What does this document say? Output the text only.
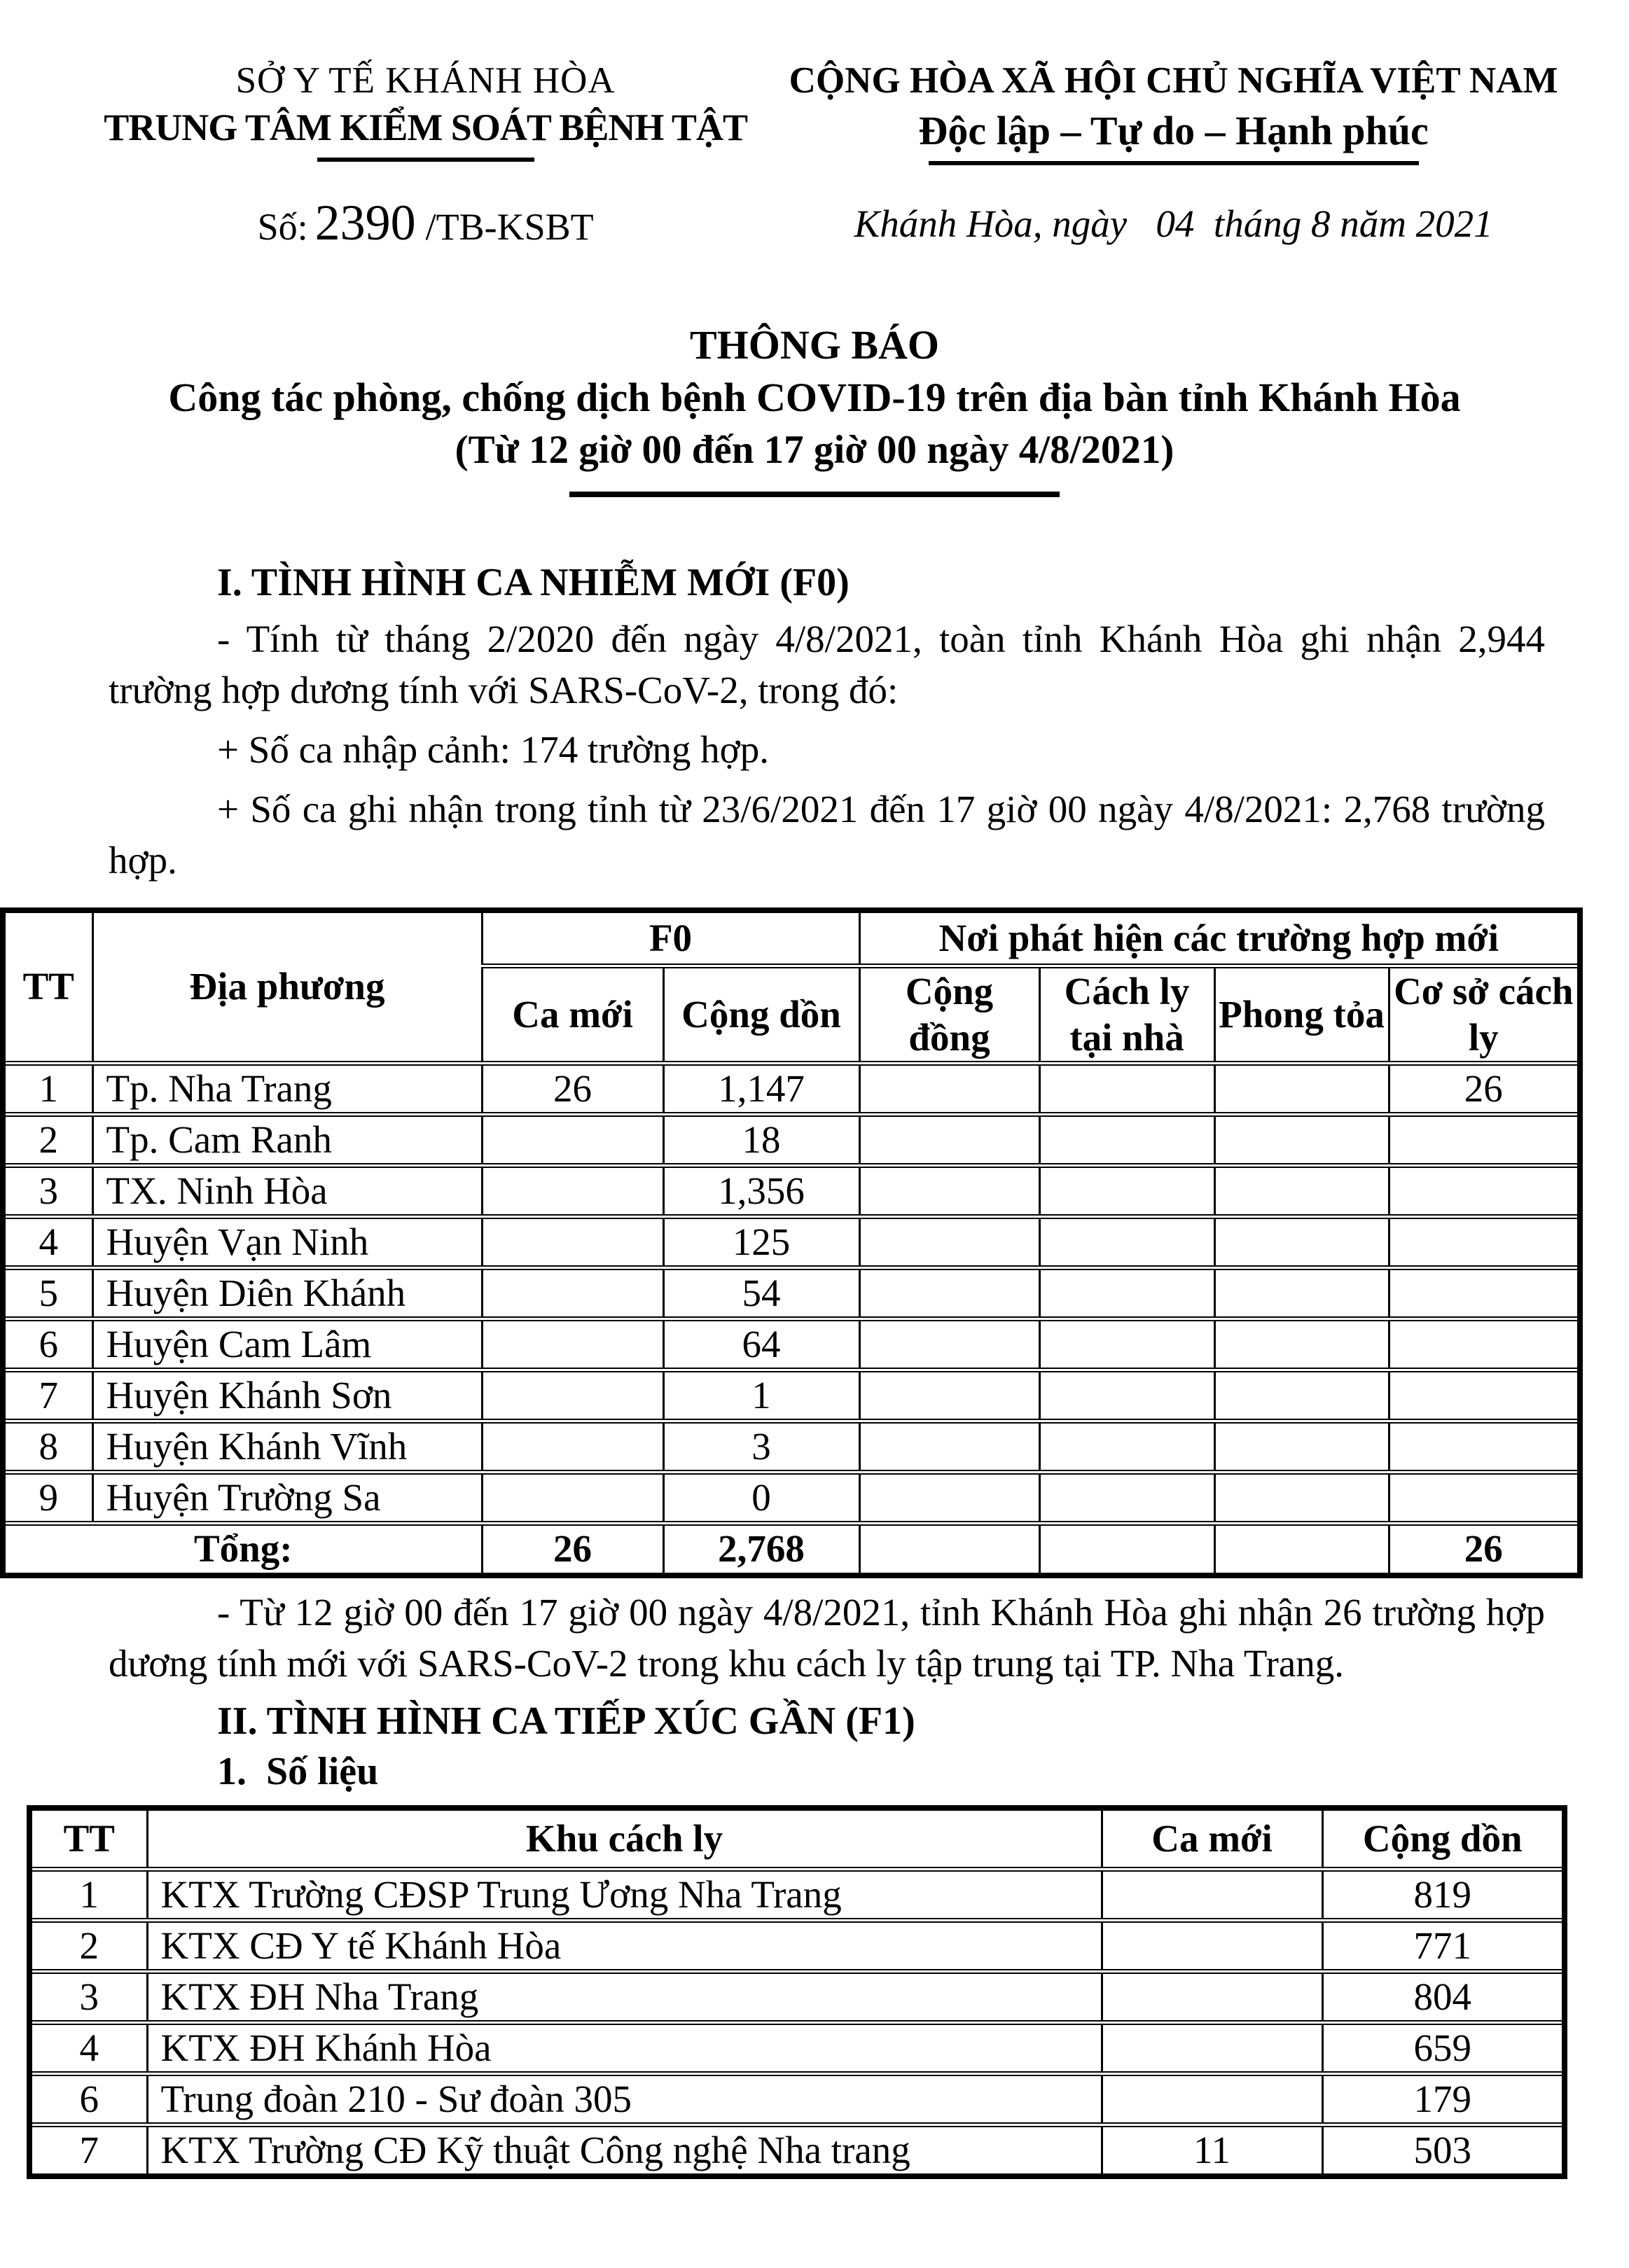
SỞ Y TẾ KHÁNH HÒA
TRUNG TÂM KIỂM SOÁT BỆNH TẬT
Số: 2390 /TB-KSBT
CỘNG HÒA XÃ HỘI CHỦ NGHĨA VIỆT NAM
Độc lập – Tự do – Hạnh phúc
Khánh Hòa, ngày   04  tháng 8 năm 2021
THÔNG BÁO
Công tác phòng, chống dịch bệnh COVID-19 trên địa bàn tỉnh Khánh Hòa
(Từ 12 giờ 00 đến 17 giờ 00 ngày 4/8/2021)
I. TÌNH HÌNH CA NHIỄM MỚI (F0)

- Tính từ tháng 2/2020 đến ngày 4/8/2021, toàn tỉnh Khánh Hòa ghi nhận 2,944 trường hợp dương tính với SARS-CoV-2, trong đó:

+ Số ca nhập cảnh: 174 trường hợp.

+ Số ca ghi nhận trong tỉnh từ 23/6/2021 đến 17 giờ 00 ngày 4/8/2021: 2,768 trường hợp.

TT	Địa phương	F0		Nơi phát hiện các trường hợp mới			
		Ca mới	Cộng dồn	Cộng đồng	Cách ly tại nhà	Phong tỏa	Cơ sở cách ly
1	Tp. Nha Trang	26	1,147				26
2	Tp. Cam Ranh		18				
3	TX. Ninh Hòa		1,356				
4	Huyện Vạn Ninh		125				
5	Huyện Diên Khánh		54				
6	Huyện Cam Lâm		64				
7	Huyện Khánh Sơn		1				
8	Huyện Khánh Vĩnh		3				
9	Huyện Trường Sa		0				
Tổng:		26	2,768				26

- Từ 12 giờ 00 đến 17 giờ 00 ngày 4/8/2021, tỉnh Khánh Hòa ghi nhận 26 trường hợp dương tính mới với SARS-CoV-2 trong khu cách ly tập trung tại TP. Nha Trang.

II. TÌNH HÌNH CA TIẾP XÚC GẦN (F1)
1.  Số liệu
TT	Khu cách ly	Ca mới	Cộng dồn
1	KTX Trường CĐSP Trung Ương Nha Trang		819
2	KTX CĐ Y tế Khánh Hòa		771
3	KTX ĐH Nha Trang		804
4	KTX ĐH Khánh Hòa		659
6	Trung đoàn 210 - Sư đoàn 305		179
7	KTX Trường CĐ Kỹ thuật Công nghệ Nha trang	11	503
